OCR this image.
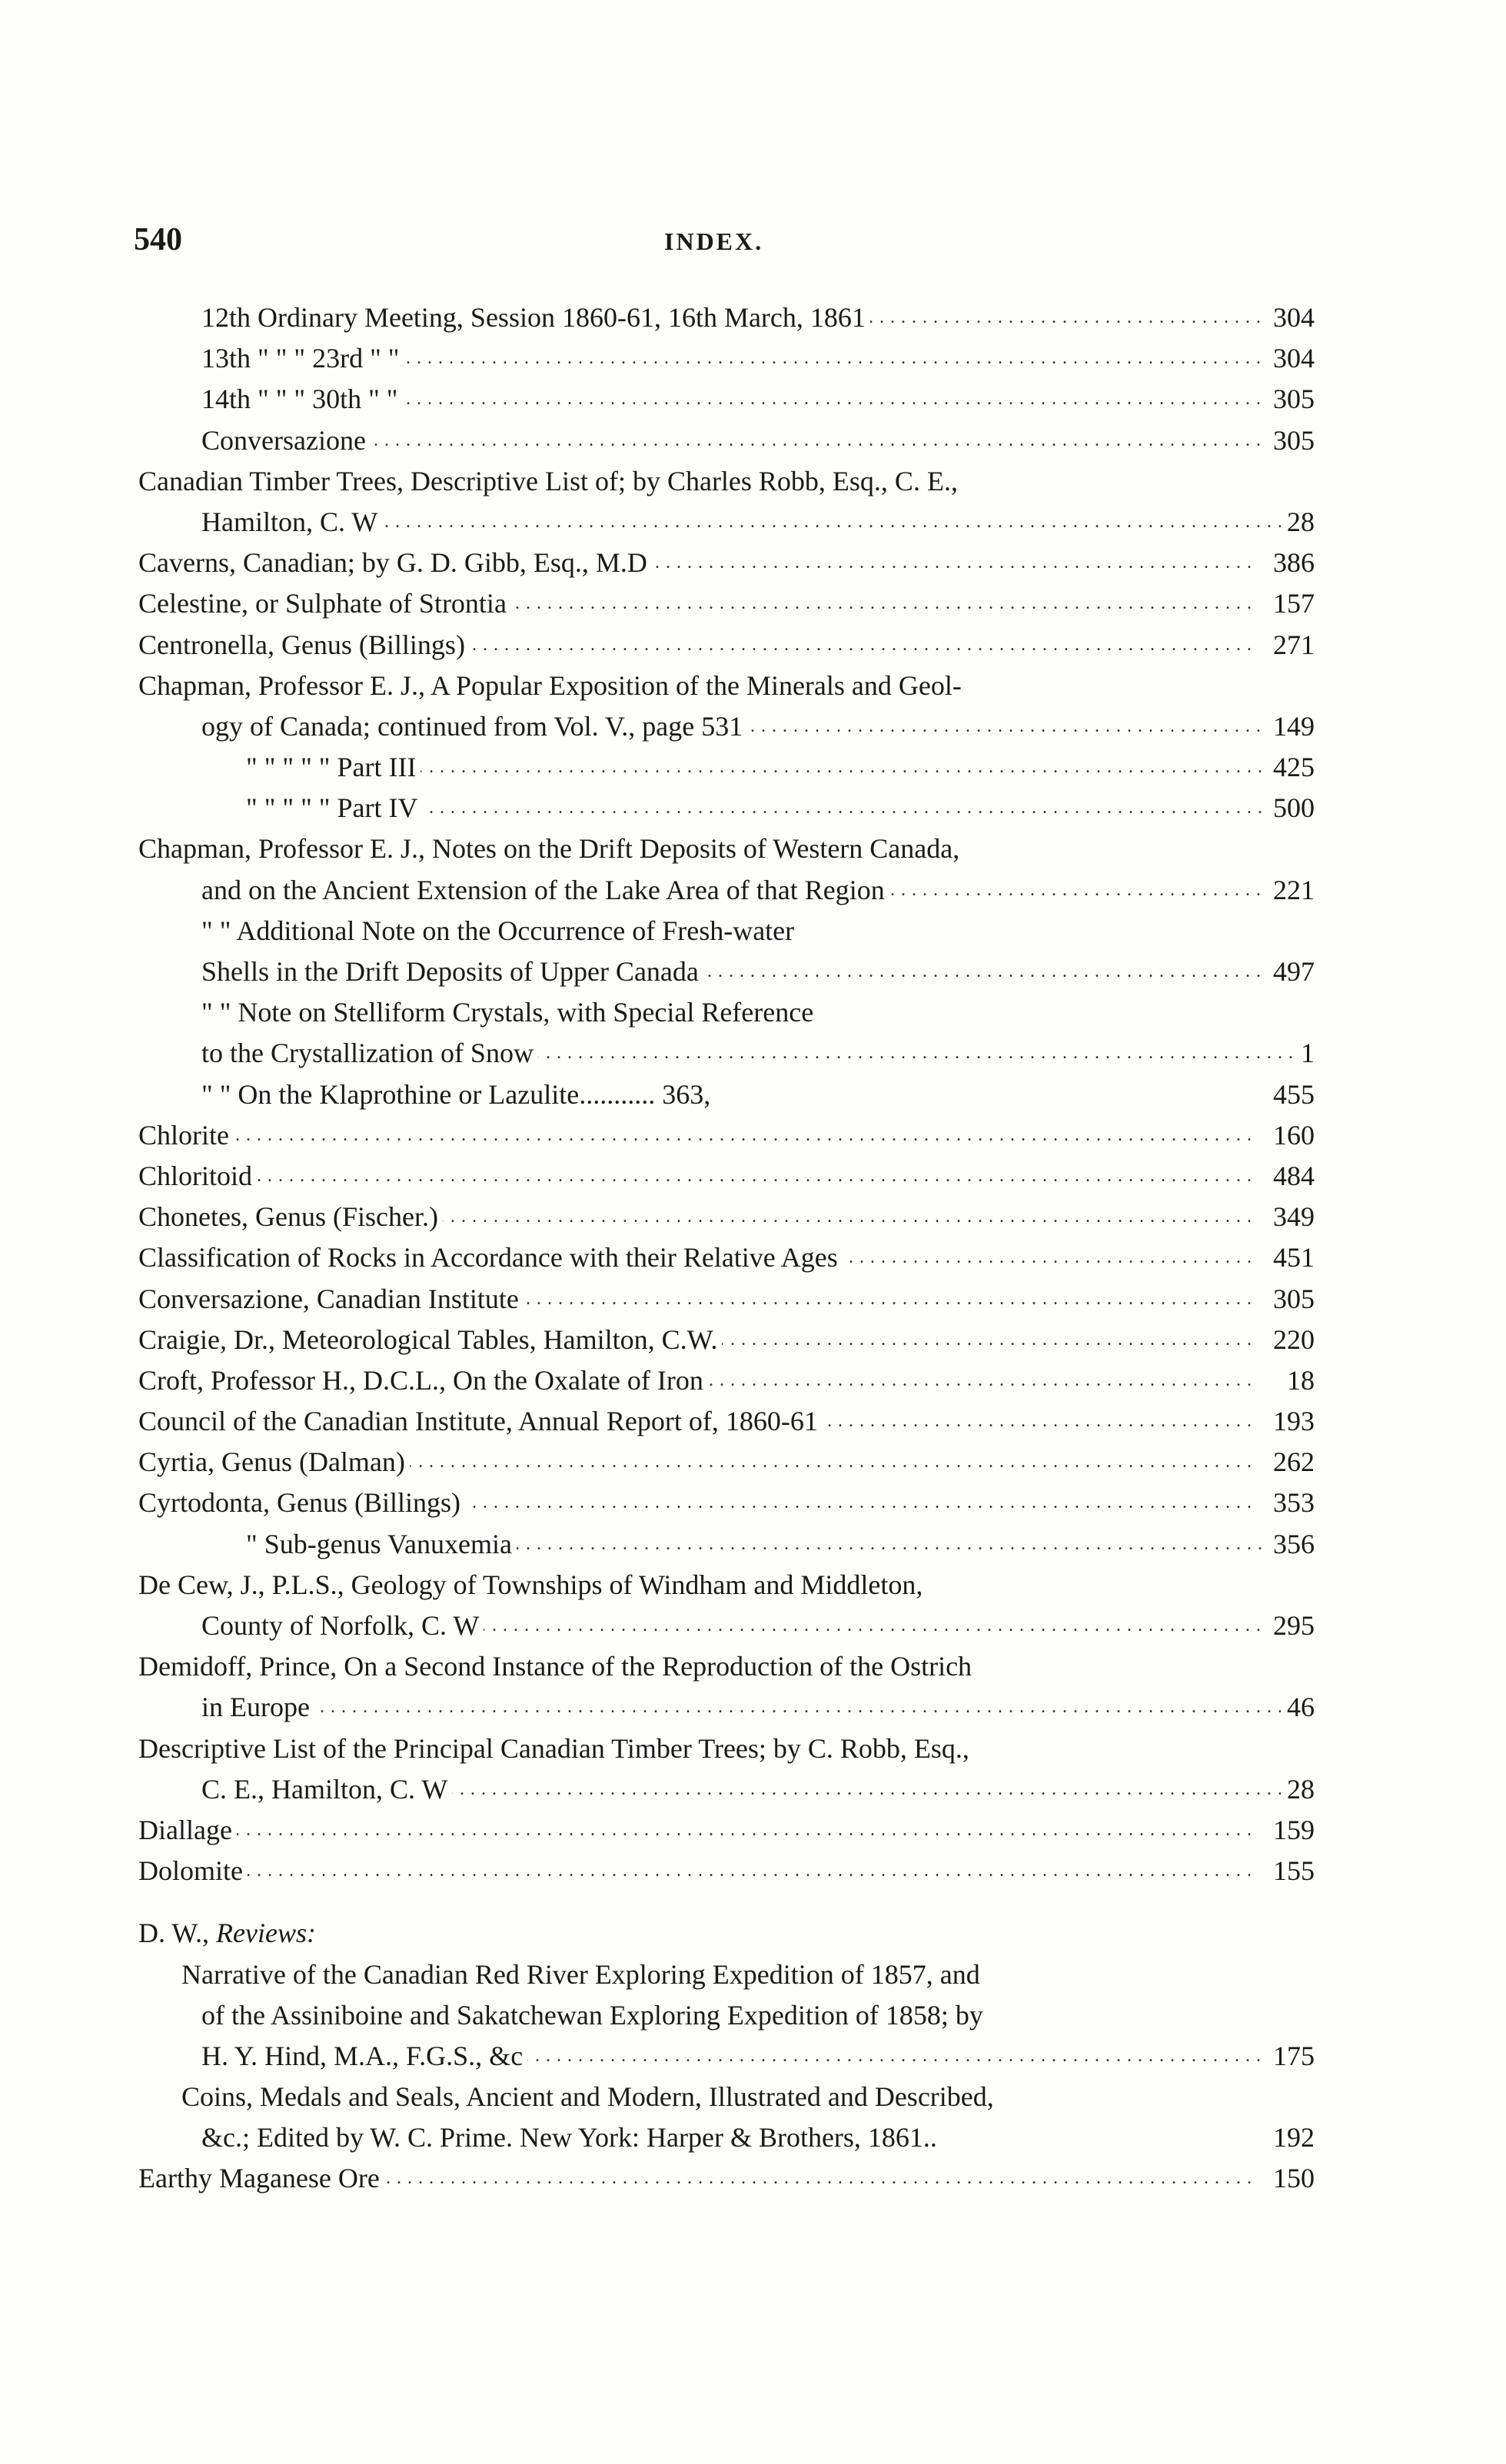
540	INDEX.
. . . 12th Ordinary Meeting, Session 1860-61, 16th March, 1861	304
. . . 13th " " " 23rd " "	304
. . . 14th " " " 30th " "	305
. . . Conversazione	305
Canadian Timber Trees, Descriptive List of; by Charles Robb, Esq., C. E.,
. . . Hamilton, C. W	28
. . . Caverns, Canadian; by G. D. Gibb, Esq., M.D	386
. . . Celestine, or Sulphate of Strontia	157
. . . Centronella, Genus (Billings)	271
Chapman, Professor E. J., A Popular Exposition of the Minerals and Geol-
. . . ogy of Canada; continued from Vol. V., page 531	149
. . . " " " " " Part III	425
. . . " " " " " Part IV	500
Chapman, Professor E. J., Notes on the Drift Deposits of Western Canada,
. . . and on the Ancient Extension of the Lake Area of that Region	221
" " Additional Note on the Occurrence of Fresh-water
. . . Shells in the Drift Deposits of Upper Canada	497
" " Note on Stelliform Crystals, with Special Reference
. . . to the Crystallization of Snow	1
" " On the Klaprothine or Lazulite........... 363,	455
. . . Chlorite	160
. . . Chloritoid	484
. . . Chonetes, Genus (Fischer.)	349
. . . Classification of Rocks in Accordance with their Relative Ages	451
. . . Conversazione, Canadian Institute	305
. . . Craigie, Dr., Meteorological Tables, Hamilton, C.W.	220
. . . Croft, Professor H., D.C.L., On the Oxalate of Iron	18
. . . Council of the Canadian Institute, Annual Report of, 1860-61	193
. . . Cyrtia, Genus (Dalman)	262
. . . Cyrtodonta, Genus (Billings)	353
. . . " Sub-genus Vanuxemia	356
De Cew, J., P.L.S., Geology of Townships of Windham and Middleton,
. . . County of Norfolk, C. W	295
Demidoff, Prince, On a Second Instance of the Reproduction of the Ostrich
. . . in Europe	46
Descriptive List of the Principal Canadian Timber Trees; by C. Robb, Esq.,
. . . C. E., Hamilton, C. W	28
. . . Diallage	159
. . . Dolomite	155
D. W., Reviews:
Narrative of the Canadian Red River Exploring Expedition of 1857, and
of the Assiniboine and Sakatchewan Exploring Expedition of 1858; by
. . . H. Y. Hind, M.A., F.G.S., &c	175
Coins, Medals and Seals, Ancient and Modern, Illustrated and Described,
&c.; Edited by W. C. Prime. New York: Harper & Brothers, 1861..	192
. . . Earthy Maganese Ore	150
